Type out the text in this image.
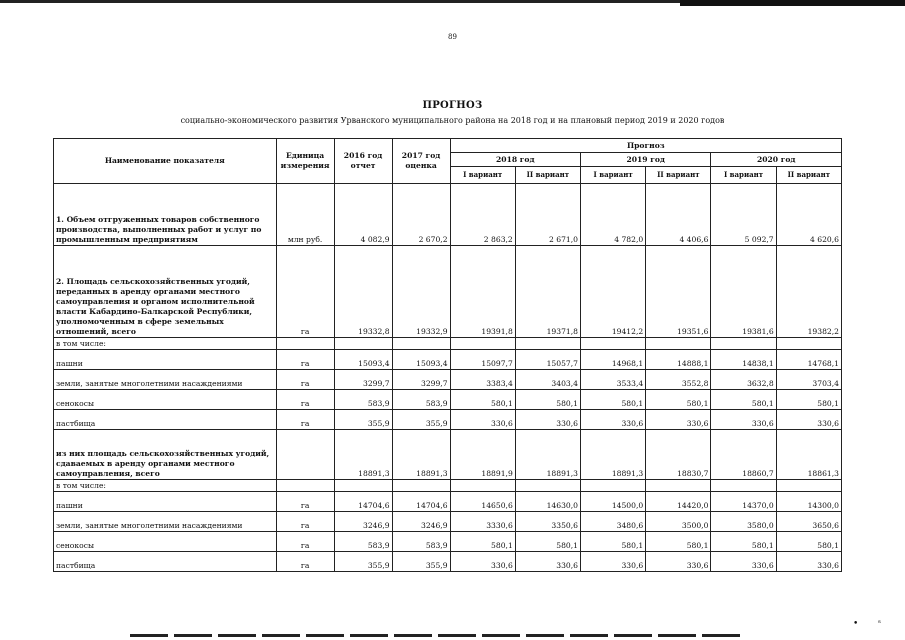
89
ПРОГНОЗ
социально-экономического развития Урванского муниципального района на 2018 год и на плановый период 2019 и 2020 годов
Наименование показателя	Единица измерения	2016 год отчет	2017 год оценка	Прогноз					
				2018 год		2019 год		2020 год	
				I вариант	II вариант	I вариант	II вариант	I вариант	II вариант
1. Объем отгруженных товаров собственного производства, выполненных работ и услуг по промышленным предприятиям	млн руб.	4 082,9	2 670,2	2 863,2	2 671,0	4 782,0	4 406,6	5 092,7	4 620,6
2. Площадь сельскохозяйственных угодий, переданных в аренду органами местного самоуправления и органом исполнительной власти Кабардино-Балкарской Республики, уполномоченным в сфере земельных отношений, всего	га	19332,8	19332,9	19391,8	19371,8	19412,2	19351,6	19381,6	19382,2
в том числе:									
пашни	га	15093,4	15093,4	15097,7	15057,7	14968,1	14888,1	14838,1	14768,1
земли, занятые многолетними насаждениями	га	3299,7	3299,7	3383,4	3403,4	3533,4	3552,8	3632,8	3703,4
сенокосы	га	583,9	583,9	580,1	580,1	580,1	580,1	580,1	580,1
пастбища	га	355,9	355,9	330,6	330,6	330,6	330,6	330,6	330,6
из них площадь сельскохозяйственных угодий, сдаваемых в аренду органами местного самоуправления, всего		18891,3	18891,3	18891,9	18891,3	18891,3	18830,7	18860,7	18861,3
в том числе:									
пашни	га	14704,6	14704,6	14650,6	14630,0	14500,0	14420,0	14370,0	14300,0
земли, занятые многолетними насаждениями	га	3246,9	3246,9	3330,6	3350,6	3480,6	3500,0	3580,0	3650,6
сенокосы	га	583,9	583,9	580,1	580,1	580,1	580,1	580,1	580,1
пастбища	га	355,9	355,9	330,6	330,6	330,6	330,6	330,6	330,6
• ˢ
